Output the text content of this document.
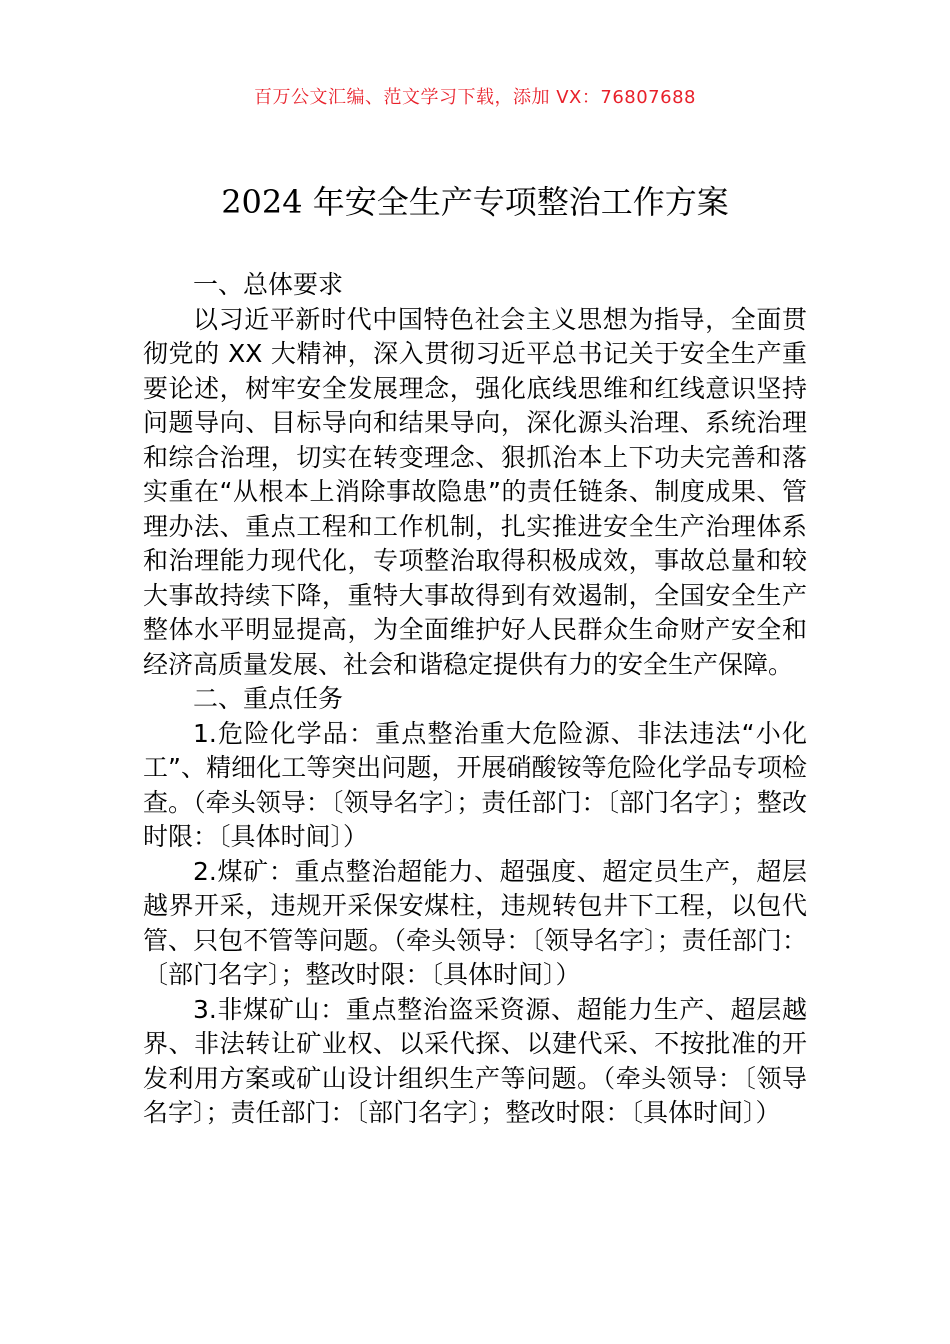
百万公文汇编、范文学习下载，添加 VX：76807688
2024 年安全生产专项整治工作方案

一、总体要求

以习近平新时代中国特色社会主义思想为指导，全面贯彻党的 XX 大精神，深入贯彻习近平总书记关于安全生产重要论述，树牢安全发展理念，强化底线思维和红线意识坚持问题导向、目标导向和结果导向，深化源头治理、系统治理和综合治理，切实在转变理念、狠抓治本上下功夫完善和落实重在“从根本上消除事故隐患”的责任链条、制度成果、管理办法、重点工程和工作机制，扎实推进安全生产治理体系和治理能力现代化，专项整治取得积极成效，事故总量和较大事故持续下降，重特大事故得到有效遏制，全国安全生产整体水平明显提高，为全面维护好人民群众生命财产安全和经济高质量发展、社会和谐稳定提供有力的安全生产保障。

二、重点任务

1.危险化学品：重点整治重大危险源、非法违法“小化工”、精细化工等突出问题，开展硝酸铵等危险化学品专项检查。（牵头领导：〔领导名字〕；责任部门：〔部门名字〕；整改时限：〔具体时间〕）

2.煤矿：重点整治超能力、超强度、超定员生产，超层越界开采，违规开采保安煤柱，违规转包井下工程，以包代管、只包不管等问题。（牵头领导：〔领导名字〕；责任部门：〔部门名字〕；整改时限：〔具体时间〕）

3.非煤矿山：重点整治盗采资源、超能力生产、超层越界、非法转让矿业权、以采代探、以建代采、不按批准的开发利用方案或矿山设计组织生产等问题。（牵头领导：〔领导名字〕；责任部门：〔部门名字〕；整改时限：〔具体时间〕）
